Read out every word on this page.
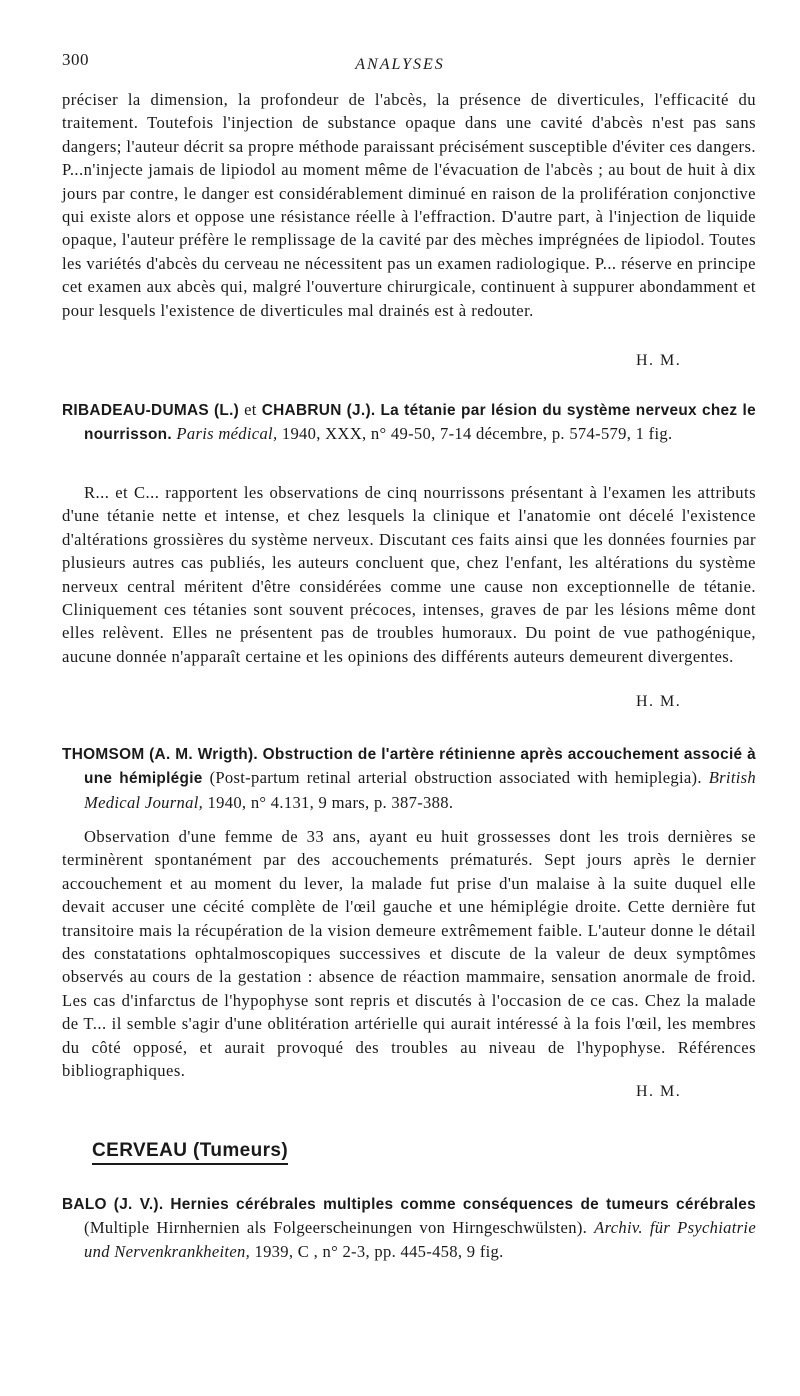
300	ANALYSES

préciser la dimension, la profondeur de l'abcès, la présence de diverticules, l'efficacité du traitement. Toutefois l'injection de substance opaque dans une cavité d'abcès n'est pas sans dangers; l'auteur décrit sa propre méthode paraissant précisément susceptible d'éviter ces dangers. P...n'injecte jamais de lipiodol au moment même de l'évacuation de l'abcès ; au bout de huit à dix jours par contre, le danger est considérablement diminué en raison de la prolifération conjonctive qui existe alors et oppose une résistance réelle à l'effraction. D'autre part, à l'injection de liquide opaque, l'auteur préfère le remplissage de la cavité par des mèches imprégnées de lipiodol. Toutes les variétés d'abcès du cerveau ne nécessitent pas un examen radiologique. P... réserve en principe cet examen aux abcès qui, malgré l'ouverture chirurgicale, continuent à suppurer abondamment et pour lesquels l'existence de diverticules mal drainés est à redouter.

H. M.
RIBADEAU-DUMAS (L.) et CHABRUN (J.). La tétanie par lésion du système nerveux chez le nourrisson. Paris médical, 1940, XXX, n° 49-50, 7-14 décembre, p. 574-579, 1 fig.

R... et C... rapportent les observations de cinq nourrissons présentant à l'examen les attributs d'une tétanie nette et intense, et chez lesquels la clinique et l'anatomie ont décelé l'existence d'altérations grossières du système nerveux. Discutant ces faits ainsi que les données fournies par plusieurs autres cas publiés, les auteurs concluent que, chez l'enfant, les altérations du système nerveux central méritent d'être considérées comme une cause non exceptionnelle de tétanie. Cliniquement ces tétanies sont souvent précoces, intenses, graves de par les lésions même dont elles relèvent. Elles ne présentent pas de troubles humoraux. Du point de vue pathogénique, aucune donnée n'apparaît certaine et les opinions des différents auteurs demeurent divergentes.

H. M.
THOMSOM (A. M. Wrigth). Obstruction de l'artère rétinienne après accouchement associé à une hémiplégie (Post-partum retinal arterial obstruction associated with hemiplegia). British Medical Journal, 1940, n° 4.131, 9 mars, p. 387-388.

Observation d'une femme de 33 ans, ayant eu huit grossesses dont les trois dernières se terminèrent spontanément par des accouchements prématurés. Sept jours après le dernier accouchement et au moment du lever, la malade fut prise d'un malaise à la suite duquel elle devait accuser une cécité complète de l'œil gauche et une hémiplégie droite. Cette dernière fut transitoire mais la récupération de la vision demeure extrêmement faible. L'auteur donne le détail des constatations ophtalmoscopiques successives et discute de la valeur de deux symptômes observés au cours de la gestation : absence de réaction mammaire, sensation anormale de froid. Les cas d'infarctus de l'hypophyse sont repris et discutés à l'occasion de ce cas. Chez la malade de T... il semble s'agir d'une oblitération artérielle qui aurait intéressé à la fois l'œil, les membres du côté opposé, et aurait provoqué des troubles au niveau de l'hypophyse. Références bibliographiques.

H. M.
CERVEAU (Tumeurs)
BALO (J. V.). Hernies cérébrales multiples comme conséquences de tumeurs cérébrales (Multiple Hirnhernien als Folgeerscheinungen von Hirngeschwülsten). Archiv. für Psychiatrie und Nervenkrankheiten, 1939, C , n° 2-3, pp. 445-458, 9 fig.
